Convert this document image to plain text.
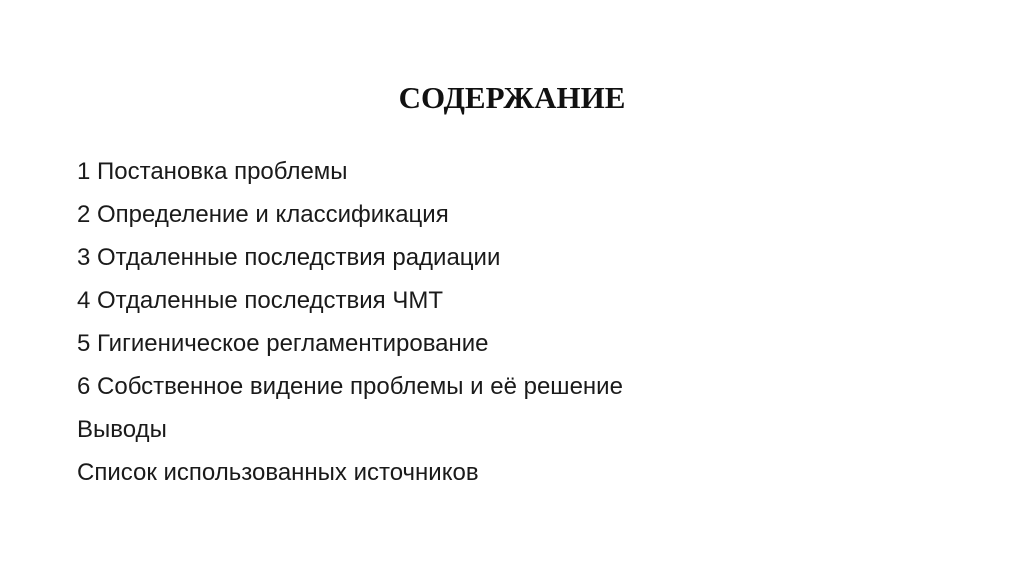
СОДЕРЖАНИЕ
1 Постановка проблемы
2 Определение и классификация
3 Отдаленные последствия радиации
4 Отдаленные последствия ЧМТ
5 Гигиеническое регламентирование
6 Собственное видение проблемы и её решение
Выводы
Список использованных источников
